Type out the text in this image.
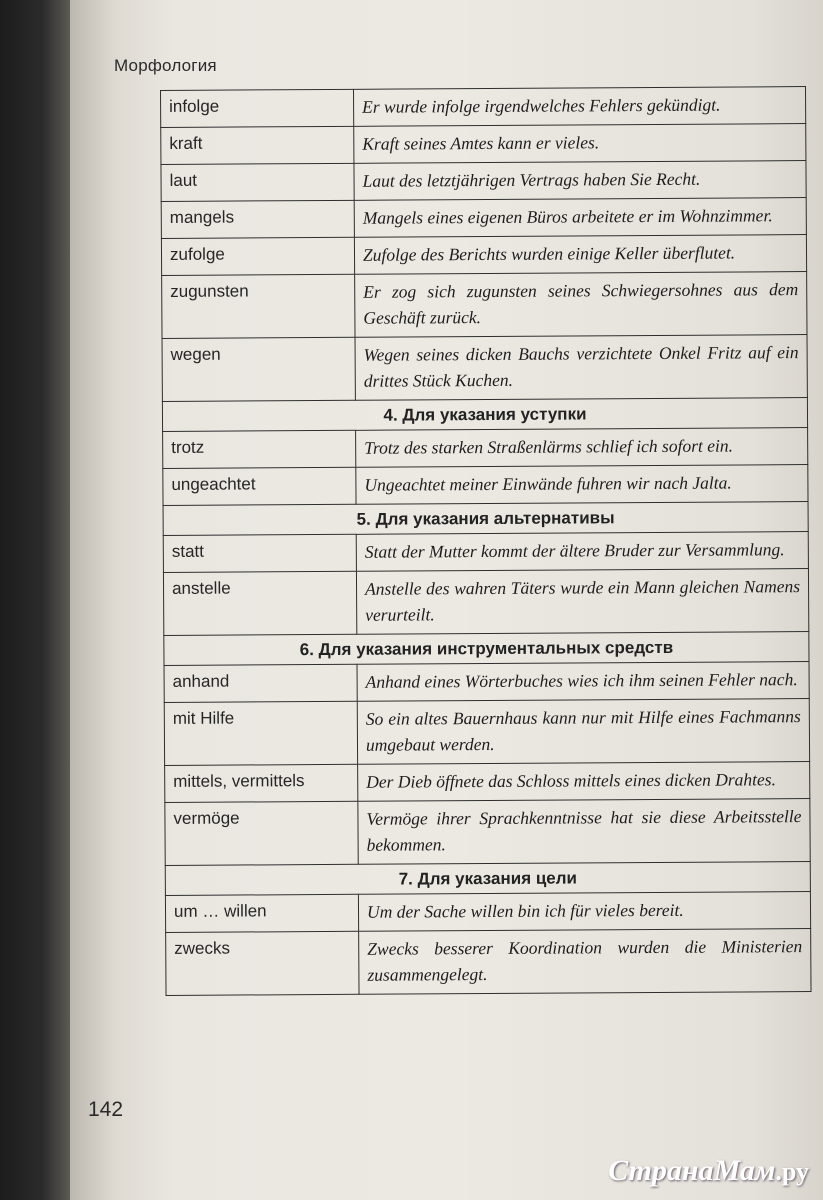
Морфология
infolge	Er wurde infolge irgendwelches Fehlers gekündigt.
kraft	Kraft seines Amtes kann er vieles.
laut	Laut des letztjährigen Vertrags haben Sie Recht.
mangels	Mangels eines eigenen Büros arbeitete er im Wohnzimmer.
zufolge	Zufolge des Berichts wurden einige Keller überflutet.
zugunsten	Er zog sich zugunsten seines Schwiegersohnes aus dem Geschäft zurück.
wegen	Wegen seines dicken Bauchs verzichtete Onkel Fritz auf ein drittes Stück Kuchen.
4. Для указания уступки	
trotz	Trotz des starken Straßenlärms schlief ich sofort ein.
ungeachtet	Ungeachtet meiner Einwände fuhren wir nach Jalta.
5. Для указания альтернативы	
statt	Statt der Mutter kommt der ältere Bruder zur Versammlung.
anstelle	Anstelle des wahren Täters wurde ein Mann gleichen Namens verurteilt.
6. Для указания инструментальных средств	
anhand	Anhand eines Wörterbuches wies ich ihm seinen Fehler nach.
mit Hilfe	So ein altes Bauernhaus kann nur mit Hilfe eines Fachmanns umgebaut werden.
mittels, vermittels	Der Dieb öffnete das Schloss mittels eines dicken Drahtes.
vermöge	Vermöge ihrer Sprachkenntnisse hat sie diese Arbeitsstelle bekommen.
7. Для указания цели	
um … willen	Um der Sache willen bin ich für vieles bereit.
zwecks	Zwecks besserer Koordination wurden die Ministerien zusammengelegt.
142
СтранаМам.ру
